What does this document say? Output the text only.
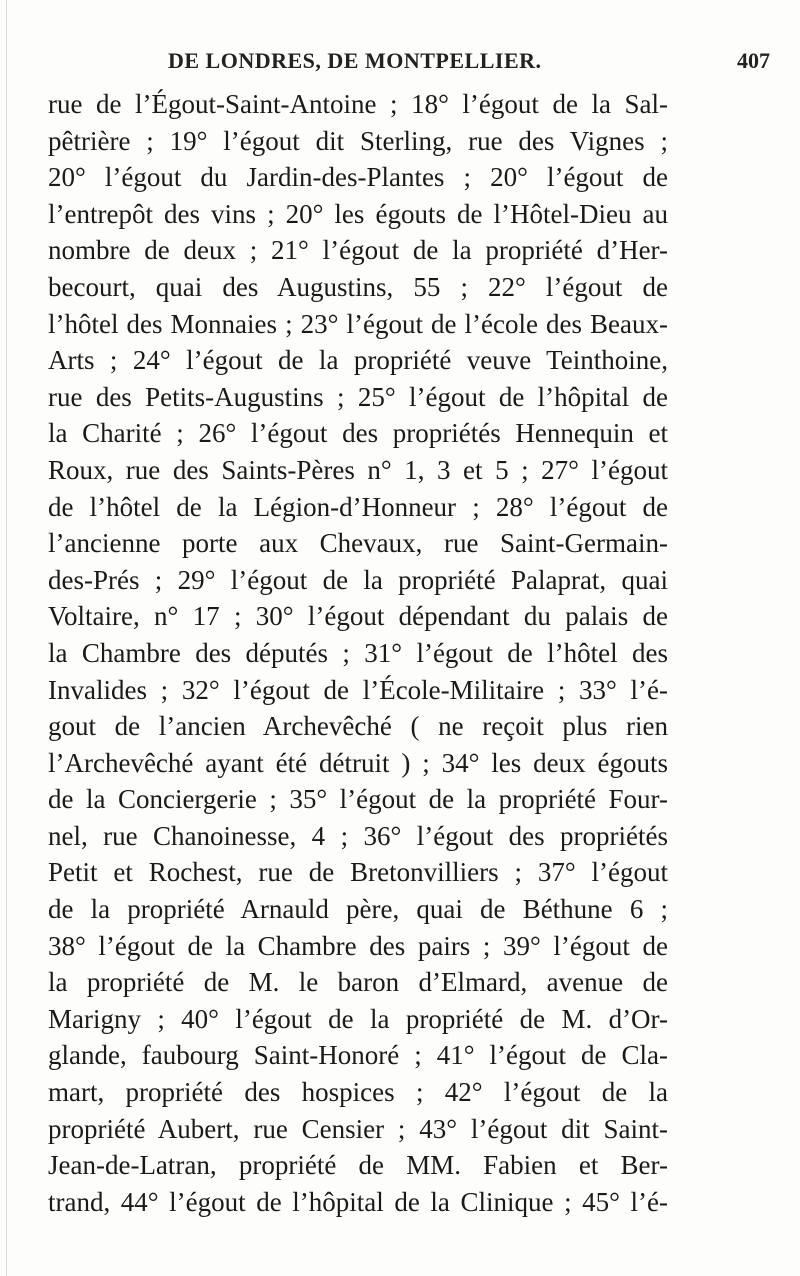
DE LONDRES, DE MONTPELLIER.	407
rue de l’Égout-Saint-Antoine ; 18° l’égout de la Sal-
pêtrière ; 19° l’égout dit Sterling, rue des Vignes ;
20° l’égout du Jardin-des-Plantes ; 20° l’égout de
l’entrepôt des vins ; 20° les égouts de l’Hôtel-Dieu au
nombre de deux ; 21° l’égout de la propriété d’Her-
becourt, quai des Augustins, 55 ; 22° l’égout de
l’hôtel des Monnaies ; 23° l’égout de l’école des Beaux-
Arts ; 24° l’égout de la propriété veuve Teinthoine,
rue des Petits-Augustins ; 25° l’égout de l’hôpital de
la Charité ; 26° l’égout des propriétés Hennequin et
Roux, rue des Saints-Pères n° 1, 3 et 5 ; 27° l’égout
de l’hôtel de la Légion-d’Honneur ; 28° l’égout de
l’ancienne porte aux Chevaux, rue Saint-Germain-
des-Prés ; 29° l’égout de la propriété Palaprat, quai
Voltaire, n° 17 ; 30° l’égout dépendant du palais de
la Chambre des députés ; 31° l’égout de l’hôtel des
Invalides ; 32° l’égout de l’École-Militaire ; 33° l’é-
gout de l’ancien Archevêché ( ne reçoit plus rien
l’Archevêché ayant été détruit ) ; 34° les deux égouts
de la Conciergerie ; 35° l’égout de la propriété Four-
nel, rue Chanoinesse, 4 ; 36° l’égout des propriétés
Petit et Rochest, rue de Bretonvilliers ; 37° l’égout
de la propriété Arnauld père, quai de Béthune 6 ;
38° l’égout de la Chambre des pairs ; 39° l’égout de
la propriété de M. le baron d’Elmard, avenue de
Marigny ; 40° l’égout de la propriété de M. d’Or-
glande, faubourg Saint-Honoré ; 41° l’égout de Cla-
mart, propriété des hospices ; 42° l’égout de la
propriété Aubert, rue Censier ; 43° l’égout dit Saint-
Jean-de-Latran, propriété de MM. Fabien et Ber-
trand, 44° l’égout de l’hôpital de la Clinique ; 45° l’é-
